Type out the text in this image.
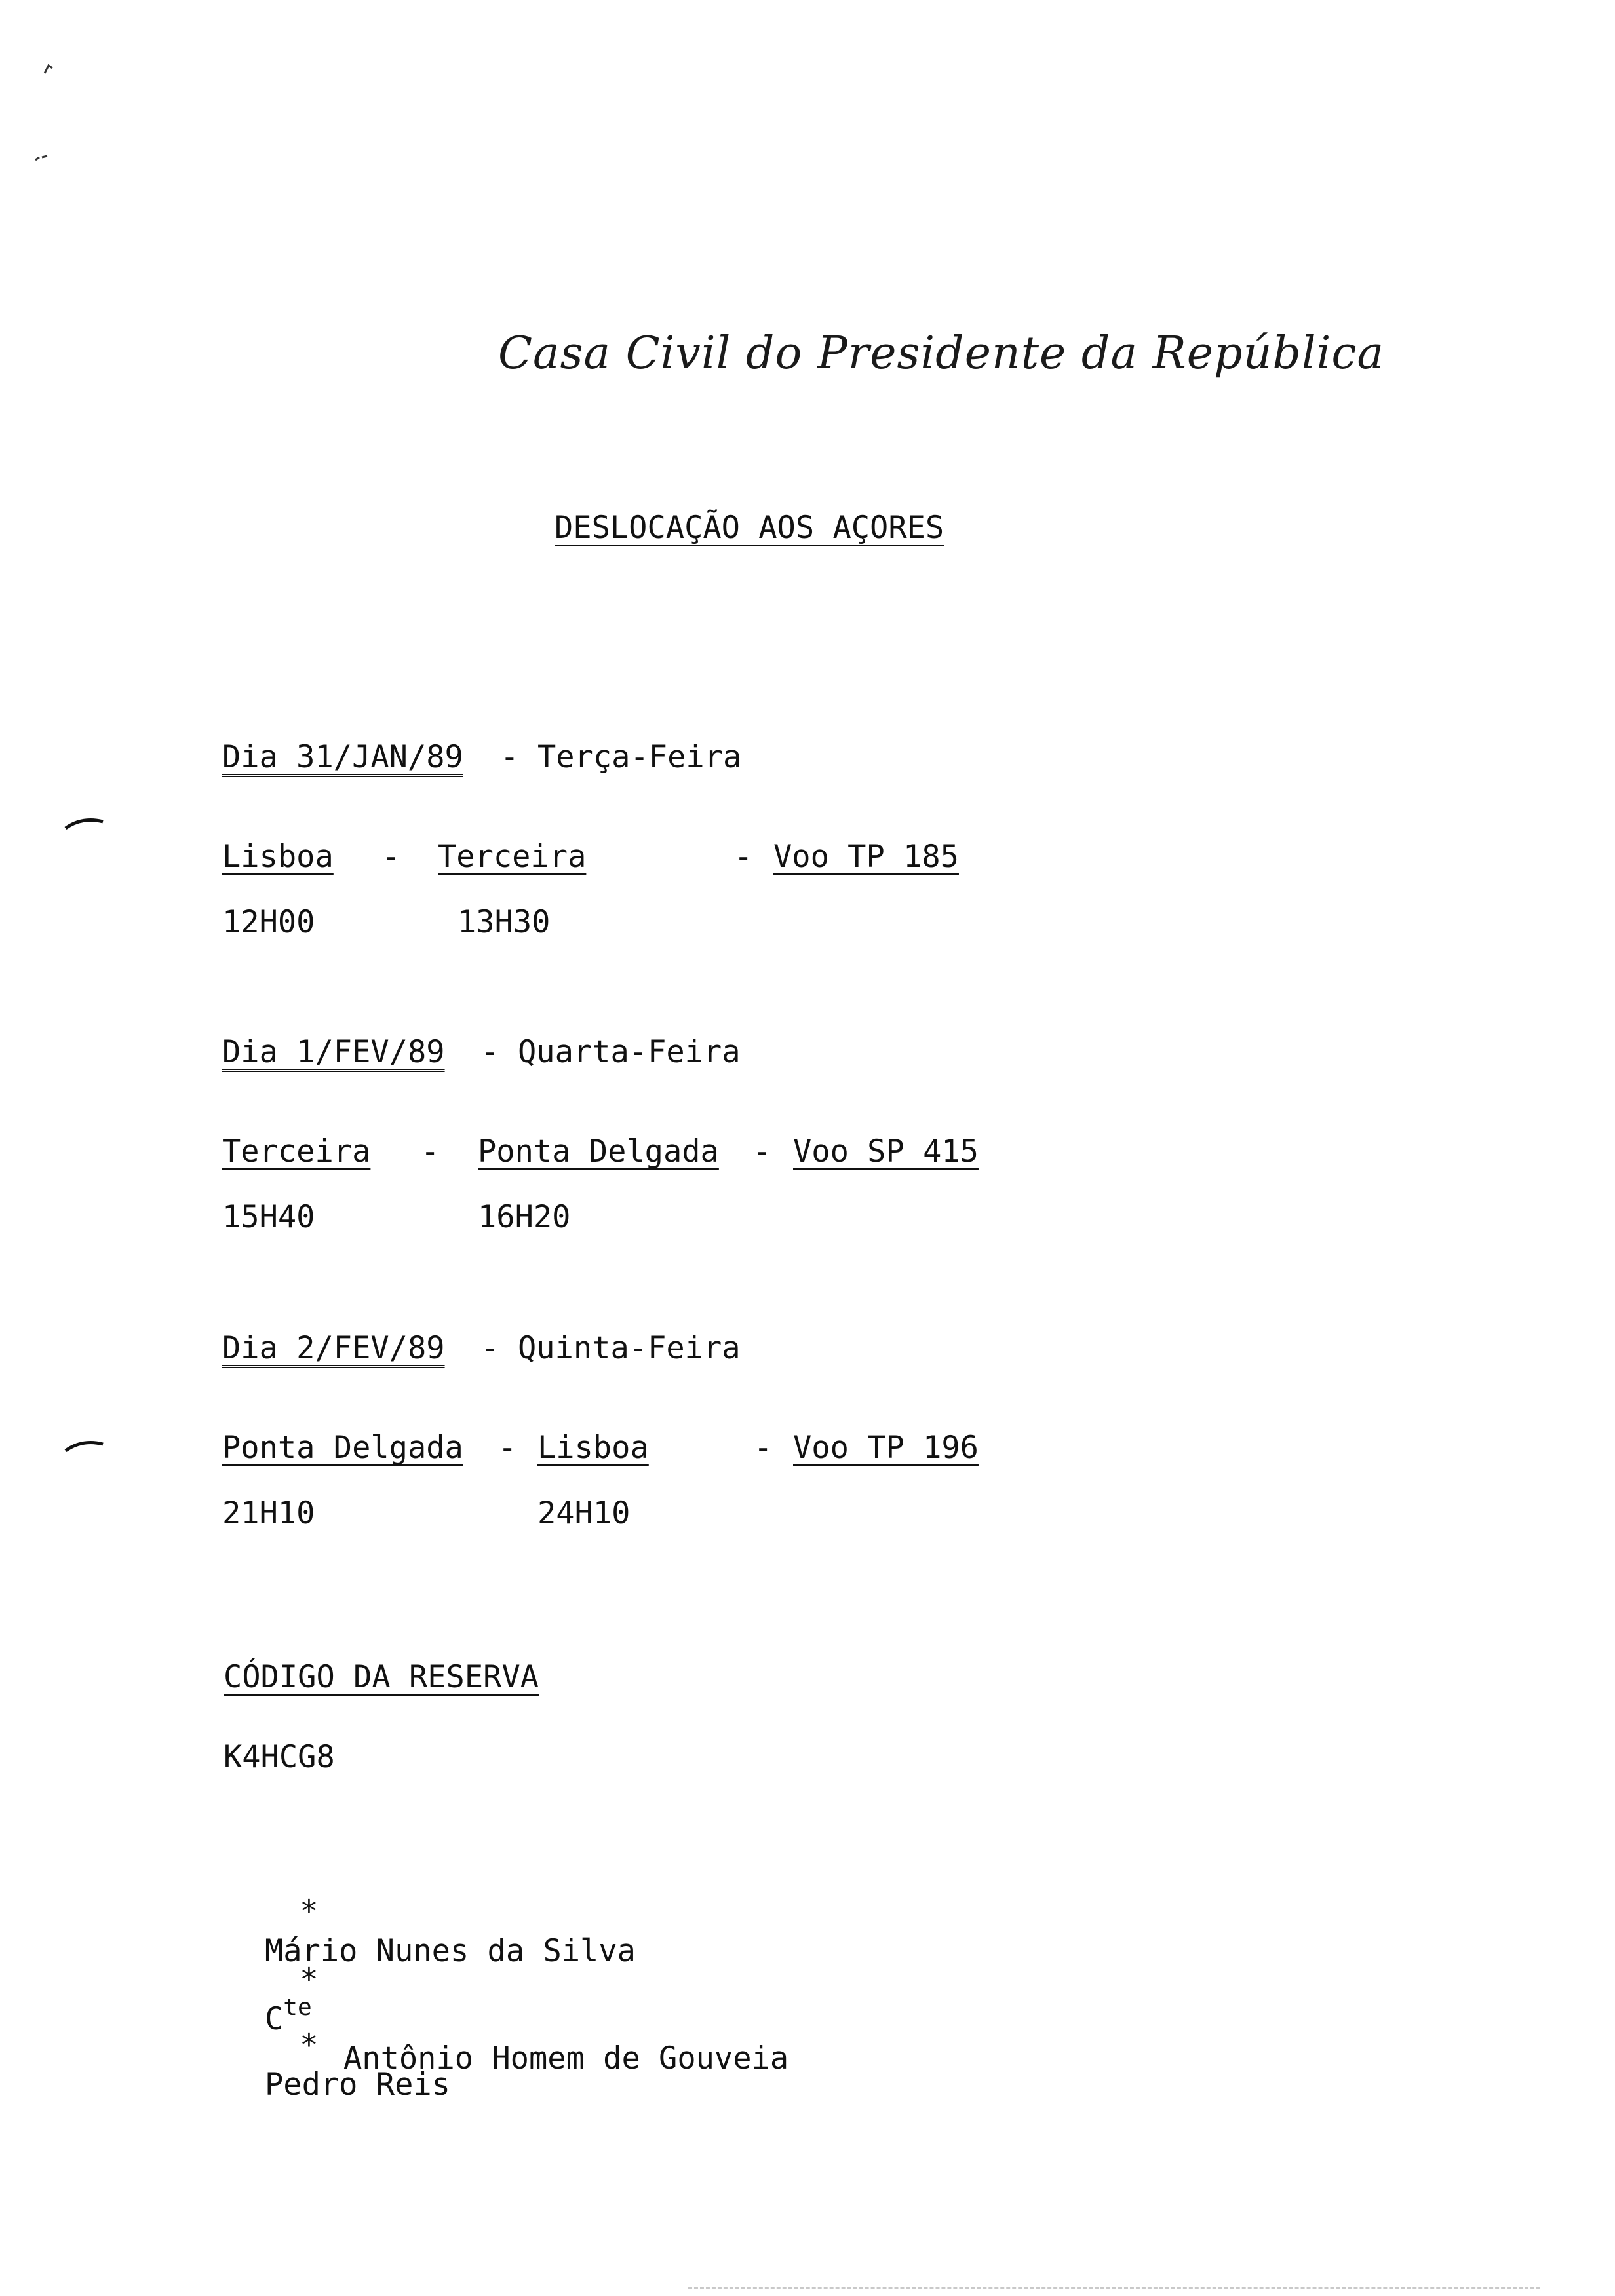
Casa Civil do Presidente da República
DESLOCAÇÃO AOS AÇORES
Dia 31/JAN/89 - Terça-Feira
Lisboa - Terceira	- Voo TP 185
12H00	13H30
Dia 1/FEV/89 - Quarta-Feira
Terceira - Ponta Delgada - Voo SP 415
15H40	16H20
Dia 2/FEV/89 - Quinta-Feira
Ponta Delgada - Lisboa	- Voo TP 196
21H10	24H10
CÓDIGO DA RESERVA
K4HCG8

*

Mário Nunes da Silva

*

$C^{te}$

Antônio Homem de Gouveia

*

Pedro Reis
